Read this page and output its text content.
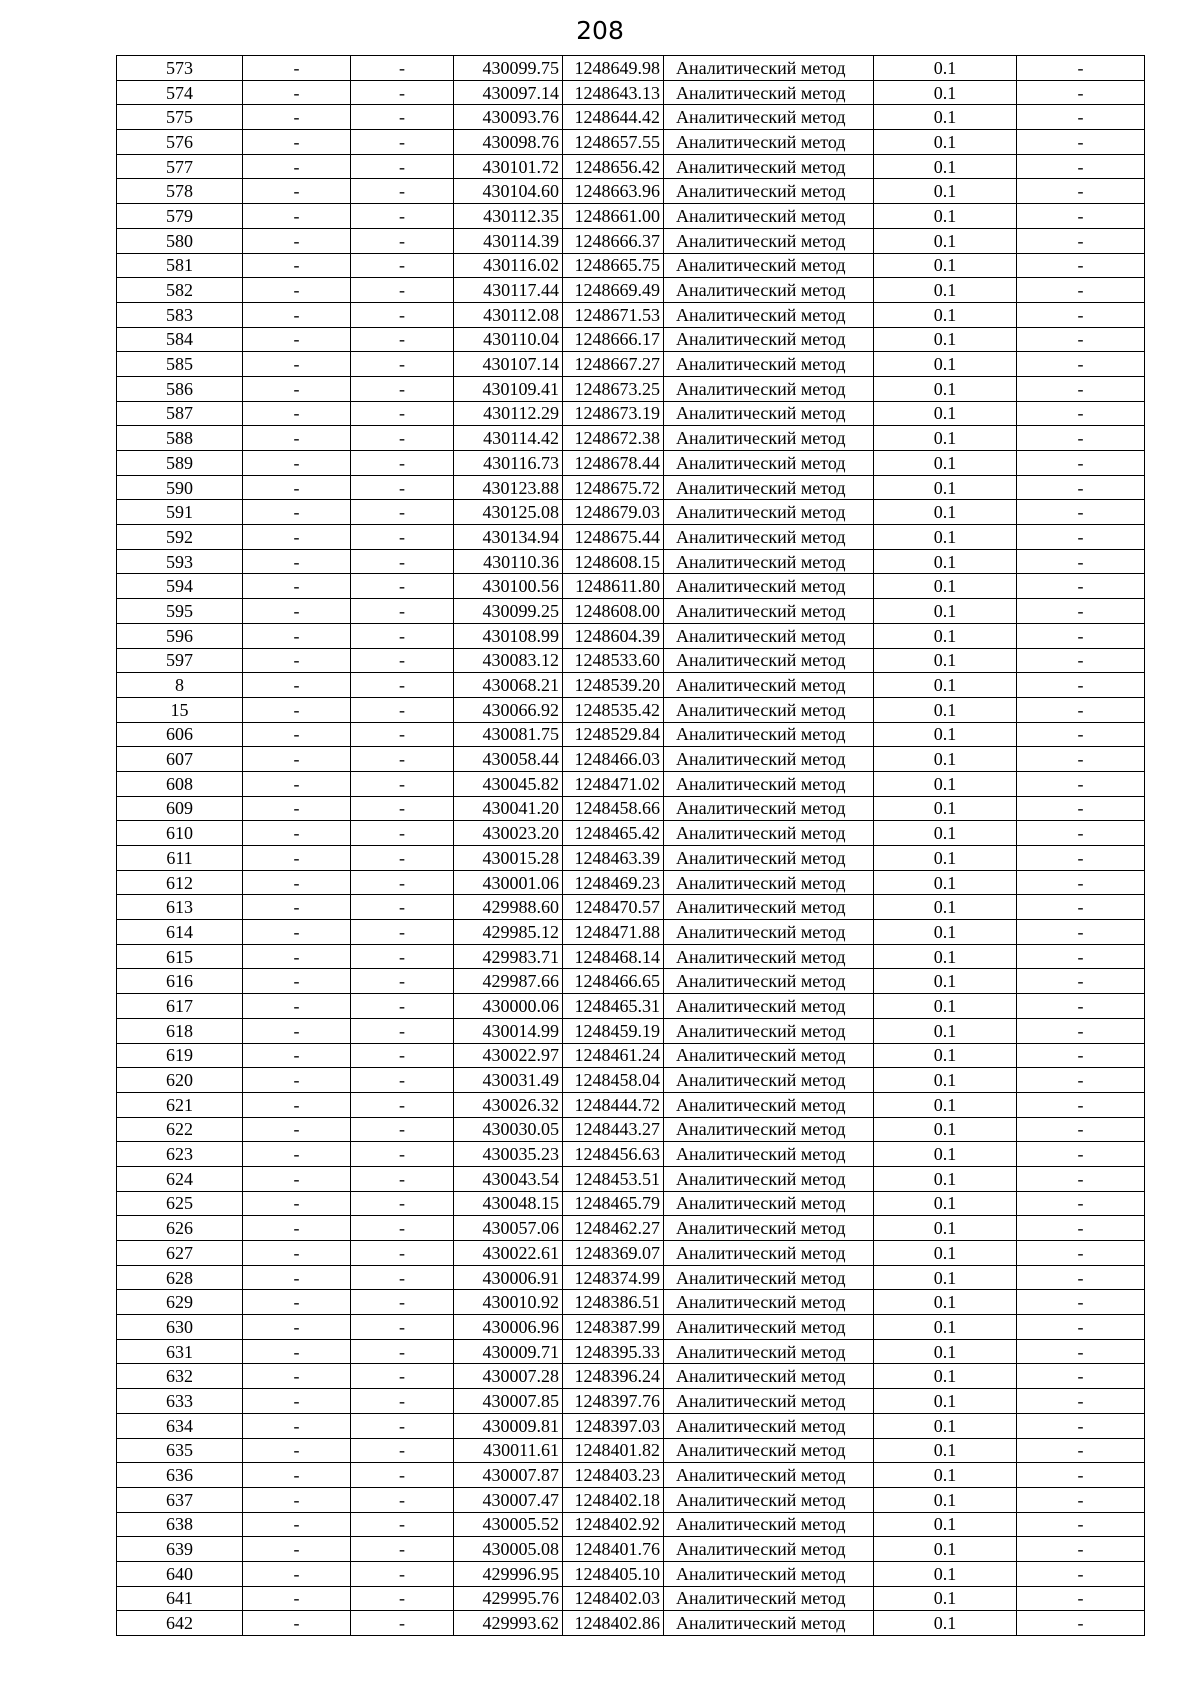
208
573	-	-	430099.75	1248649.98	Аналитический метод	0.1	-
574	-	-	430097.14	1248643.13	Аналитический метод	0.1	-
575	-	-	430093.76	1248644.42	Аналитический метод	0.1	-
576	-	-	430098.76	1248657.55	Аналитический метод	0.1	-
577	-	-	430101.72	1248656.42	Аналитический метод	0.1	-
578	-	-	430104.60	1248663.96	Аналитический метод	0.1	-
579	-	-	430112.35	1248661.00	Аналитический метод	0.1	-
580	-	-	430114.39	1248666.37	Аналитический метод	0.1	-
581	-	-	430116.02	1248665.75	Аналитический метод	0.1	-
582	-	-	430117.44	1248669.49	Аналитический метод	0.1	-
583	-	-	430112.08	1248671.53	Аналитический метод	0.1	-
584	-	-	430110.04	1248666.17	Аналитический метод	0.1	-
585	-	-	430107.14	1248667.27	Аналитический метод	0.1	-
586	-	-	430109.41	1248673.25	Аналитический метод	0.1	-
587	-	-	430112.29	1248673.19	Аналитический метод	0.1	-
588	-	-	430114.42	1248672.38	Аналитический метод	0.1	-
589	-	-	430116.73	1248678.44	Аналитический метод	0.1	-
590	-	-	430123.88	1248675.72	Аналитический метод	0.1	-
591	-	-	430125.08	1248679.03	Аналитический метод	0.1	-
592	-	-	430134.94	1248675.44	Аналитический метод	0.1	-
593	-	-	430110.36	1248608.15	Аналитический метод	0.1	-
594	-	-	430100.56	1248611.80	Аналитический метод	0.1	-
595	-	-	430099.25	1248608.00	Аналитический метод	0.1	-
596	-	-	430108.99	1248604.39	Аналитический метод	0.1	-
597	-	-	430083.12	1248533.60	Аналитический метод	0.1	-
8	-	-	430068.21	1248539.20	Аналитический метод	0.1	-
15	-	-	430066.92	1248535.42	Аналитический метод	0.1	-
606	-	-	430081.75	1248529.84	Аналитический метод	0.1	-
607	-	-	430058.44	1248466.03	Аналитический метод	0.1	-
608	-	-	430045.82	1248471.02	Аналитический метод	0.1	-
609	-	-	430041.20	1248458.66	Аналитический метод	0.1	-
610	-	-	430023.20	1248465.42	Аналитический метод	0.1	-
611	-	-	430015.28	1248463.39	Аналитический метод	0.1	-
612	-	-	430001.06	1248469.23	Аналитический метод	0.1	-
613	-	-	429988.60	1248470.57	Аналитический метод	0.1	-
614	-	-	429985.12	1248471.88	Аналитический метод	0.1	-
615	-	-	429983.71	1248468.14	Аналитический метод	0.1	-
616	-	-	429987.66	1248466.65	Аналитический метод	0.1	-
617	-	-	430000.06	1248465.31	Аналитический метод	0.1	-
618	-	-	430014.99	1248459.19	Аналитический метод	0.1	-
619	-	-	430022.97	1248461.24	Аналитический метод	0.1	-
620	-	-	430031.49	1248458.04	Аналитический метод	0.1	-
621	-	-	430026.32	1248444.72	Аналитический метод	0.1	-
622	-	-	430030.05	1248443.27	Аналитический метод	0.1	-
623	-	-	430035.23	1248456.63	Аналитический метод	0.1	-
624	-	-	430043.54	1248453.51	Аналитический метод	0.1	-
625	-	-	430048.15	1248465.79	Аналитический метод	0.1	-
626	-	-	430057.06	1248462.27	Аналитический метод	0.1	-
627	-	-	430022.61	1248369.07	Аналитический метод	0.1	-
628	-	-	430006.91	1248374.99	Аналитический метод	0.1	-
629	-	-	430010.92	1248386.51	Аналитический метод	0.1	-
630	-	-	430006.96	1248387.99	Аналитический метод	0.1	-
631	-	-	430009.71	1248395.33	Аналитический метод	0.1	-
632	-	-	430007.28	1248396.24	Аналитический метод	0.1	-
633	-	-	430007.85	1248397.76	Аналитический метод	0.1	-
634	-	-	430009.81	1248397.03	Аналитический метод	0.1	-
635	-	-	430011.61	1248401.82	Аналитический метод	0.1	-
636	-	-	430007.87	1248403.23	Аналитический метод	0.1	-
637	-	-	430007.47	1248402.18	Аналитический метод	0.1	-
638	-	-	430005.52	1248402.92	Аналитический метод	0.1	-
639	-	-	430005.08	1248401.76	Аналитический метод	0.1	-
640	-	-	429996.95	1248405.10	Аналитический метод	0.1	-
641	-	-	429995.76	1248402.03	Аналитический метод	0.1	-
642	-	-	429993.62	1248402.86	Аналитический метод	0.1	-
